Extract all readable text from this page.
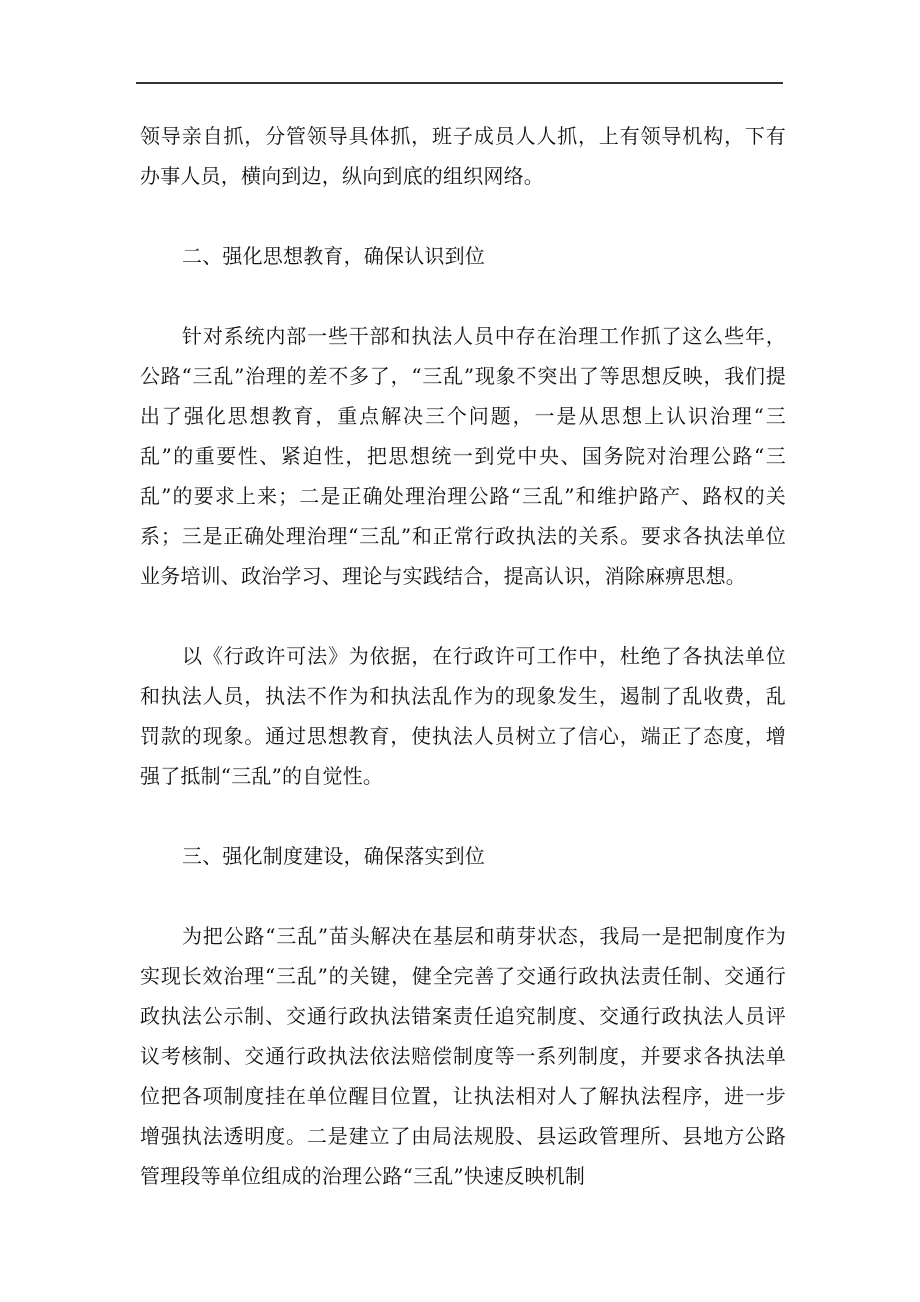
领导亲自抓，分管领导具体抓，班子成员人人抓，上有领导机构，下有办事人员，横向到边，纵向到底的组织网络。

二、强化思想教育，确保认识到位

针对系统内部一些干部和执法人员中存在治理工作抓了这么些年，公路“三乱”治理的差不多了，“三乱”现象不突出了等思想反映，我们提出了强化思想教育，重点解决三个问题，一是从思想上认识治理“三乱”的重要性、紧迫性，把思想统一到党中央、国务院对治理公路“三乱”的要求上来；二是正确处理治理公路“三乱”和维护路产、路权的关系；三是正确处理治理“三乱”和正常行政执法的关系。要求各执法单位业务培训、政治学习、理论与实践结合，提高认识，消除麻痹思想。

以《行政许可法》为依据，在行政许可工作中，杜绝了各执法单位和执法人员，执法不作为和执法乱作为的现象发生，遏制了乱收费，乱罚款的现象。通过思想教育，使执法人员树立了信心，端正了态度，增强了抵制“三乱”的自觉性。

三、强化制度建设，确保落实到位

为把公路“三乱”苗头解决在基层和萌芽状态，我局一是把制度作为实现长效治理“三乱”的关键，健全完善了交通行政执法责任制、交通行政执法公示制、交通行政执法错案责任追究制度、交通行政执法人员评议考核制、交通行政执法依法赔偿制度等一系列制度，并要求各执法单位把各项制度挂在单位醒目位置，让执法相对人了解执法程序，进一步增强执法透明度。二是建立了由局法规股、县运政管理所、县地方公路管理段等单位组成的治理公路“三乱”快速反映机制
